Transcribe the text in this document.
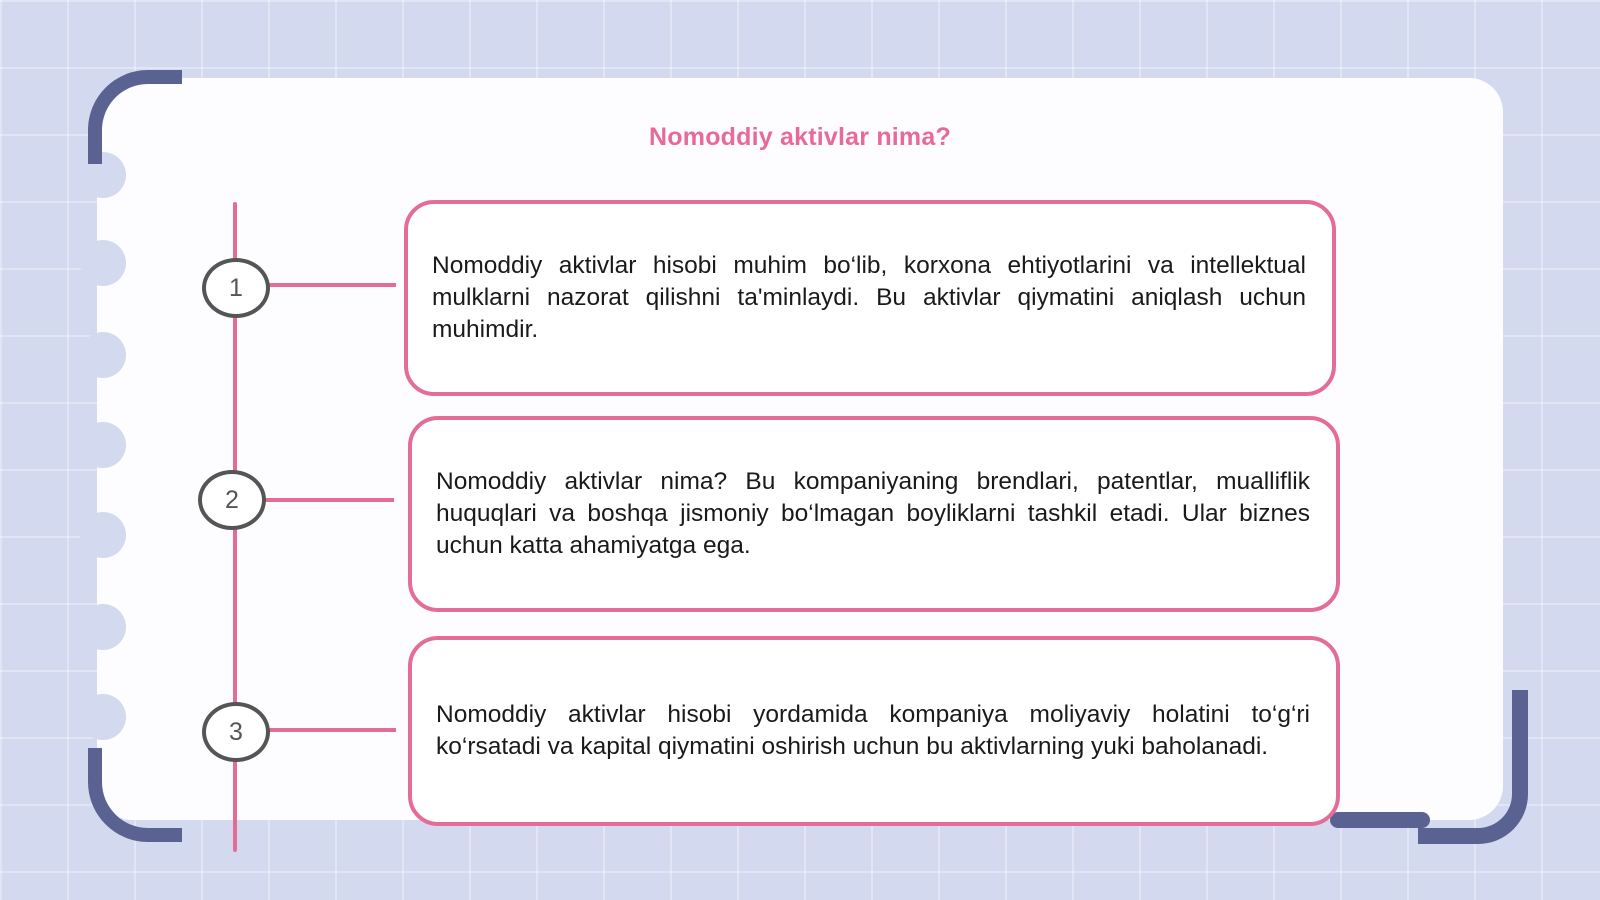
Nomoddiy aktivlar nima?
1
2
3
Nomoddiy aktivlar hisobi muhim bo‘lib, korxona ehtiyotlarini va intellektual mulklarni nazorat qilishni ta'minlaydi. Bu aktivlar qiymatini aniqlash uchun muhimdir.
Nomoddiy aktivlar nima? Bu kompaniyaning brendlari, patentlar, mualliflik huquqlari va boshqa jismoniy bo‘lmagan boyliklarni tashkil etadi. Ular biznes uchun katta ahamiyatga ega.
Nomoddiy aktivlar hisobi yordamida kompaniya moliyaviy holatini to‘g‘ri ko‘rsatadi va kapital qiymatini oshirish uchun bu aktivlarning yuki baholanadi.
